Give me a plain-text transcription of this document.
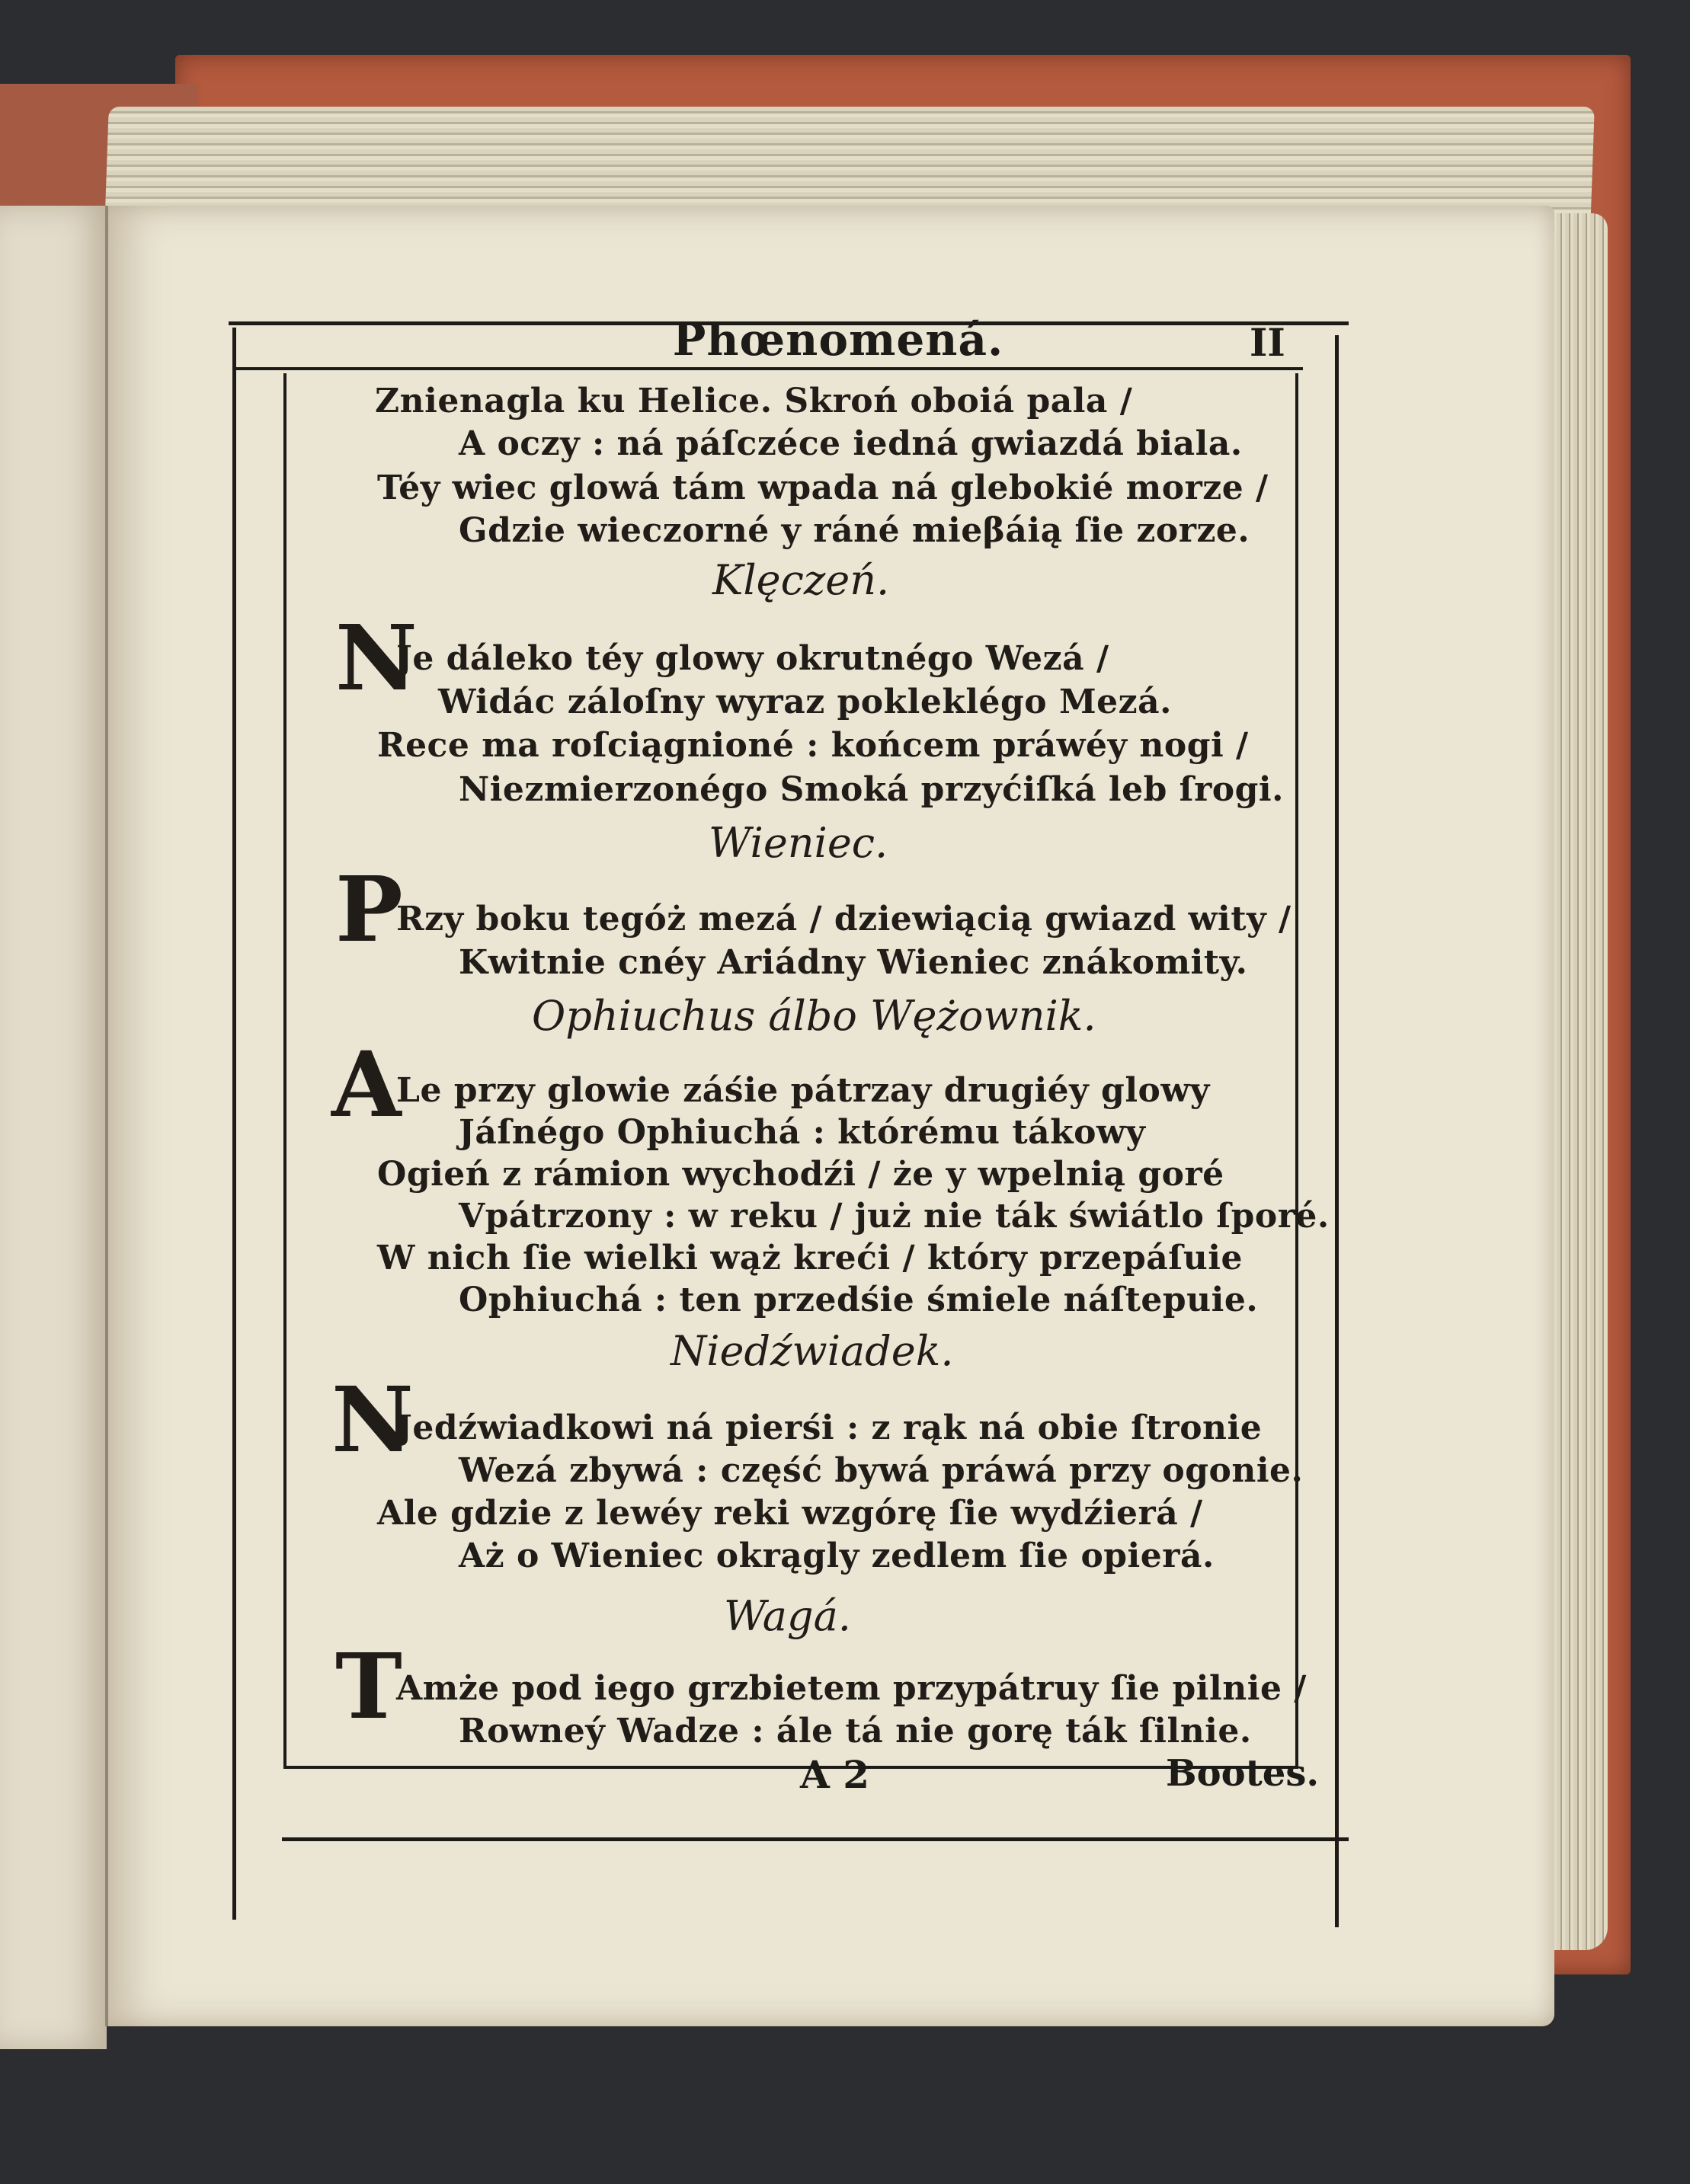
Phœnomená.	II
Znienagla ku Helice. Skroń oboiá pala /
A oczy : ná páſczéce iedná gwiazdá biala.
Téy wiec glowá tám wpada ná glebokié morze /
Gdzie wieczorné y ráné mieβáią ſie zorze.
Klęczeń.
N
Je dáleko téy glowy okrutnégo Wezá /
Widác záloſny wyraz pokleklégo Mezá.
Rece ma roſciągnioné : końcem práwéy nogi /
Niezmierzonégo Smoká przyćiſká leb ſrogi.
Wieniec.
P
Rzy boku tegóż mezá / dziewiącią gwiazd wity /
Kwitnie cnéy Ariádny Wieniec znákomity.
Ophiuchus álbo Wężownik.
A
Le przy glowie záśie pátrzay drugiéy glowy
Jáſnégo Ophiuchá : którému tákowy
Ogień z rámion wychodźi / że y wpelnią goré
Vpátrzony : w reku / już nie ták świátlo ſporé.
W nich ſie wielki wąż kreći / który przepáſuie
Ophiuchá : ten przedśie śmiele náſtepuie.
Niedźwiadek.
N
Jedźwiadkowi ná pierśi : z rąk ná obie ſtronie
Wezá zbywá : część bywá práwá przy ogonie.
Ale gdzie z lewéy reki wzgórę ſie wydźierá /
Aż o Wieniec okrągly zedlem ſie opierá.
Wagá.
T
Amże pod iego grzbietem przypátruy ſie pilnie /
Rowneý Wadze : ále tá nie gorę ták ſilnie.
A 2	Bootes.
